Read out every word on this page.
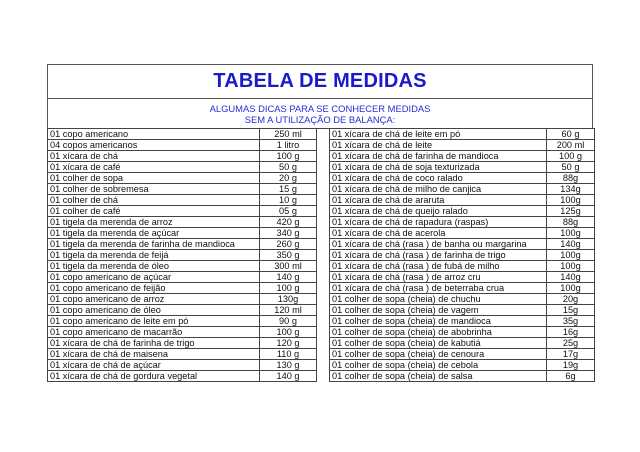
TABELA DE MEDIDAS
ALGUMAS DICAS PARA SE CONHECER MEDIDAS
SEM A UTILIZAÇÃO DE BALANÇA:
01 copo americano	250 ml
04 copos americanos	1 litro
01 xícara de chá	100 g
01 xícara de café	50 g
01 colher de sopa	20 g
01 colher de sobremesa	15 g
01 colher de chá	10 g
01 colher de café	05 g
01 tigela da merenda de arroz	420 g
01 tigela da merenda de açúcar	340 g
01 tigela da merenda de farinha de mandioca	260 g
01 tigela da merenda de feijá	350 g
01 tigela da merenda de óleo	300 ml
01 copo americano de açúcar	140 g
01 copo americano de feijão	100 g
01 copo americano de arroz	130g
01 copo americano de óleo	120 ml
01 copo americano de leite em pó	90 g
01 copo americano de macarrão	100 g
01 xícara de chá de farinha de trigo	120 g
01 xícara de chá de maisena	110 g
01 xícara de chá de açúcar	130 g
01 xícara de chá de gordura vegetal	140 g
01 xícara de chá de leite em pó	60 g
01 xícara de chá de leite	200 ml
01 xícara de chá de farinha de mandioca	100 g
01 xícara de chá de soja texturizada	50 g
01 xícara de chá de coco ralado	88g
01 xícara de chá de milho de canjica	134g
01 xícara de chá de araruta	100g
01 xícara de chá de queijo ralado	125g
01 xícara de chá de rapadura (raspas)	88g
01 xícara de chá de acerola	100g
01 xícara de chá (rasa ) de banha ou margarina	140g
01 xícara de chá (rasa ) de farinha de trigo	100g
01 xícara de chá (rasa ) de fubá de milho	100g
01 xícara de chá (rasa ) de arroz cru	140g
01 xícara de chá (rasa ) de beterraba crua	100g
01 colher de sopa (cheia) de chuchu	20g
01 colher de sopa (cheia) de vagem	15g
01 colher de sopa (cheia) de mandioca	35g
01 colher de sopa (cheia) de abobrinha	16g
01 colher de sopa (cheia) de kabutiá	25g
01 colher de sopa (cheia) de cenoura	17g
01 colher de sopa (cheia) de cebola	19g
01 colher de sopa (cheia) de salsa	6g
